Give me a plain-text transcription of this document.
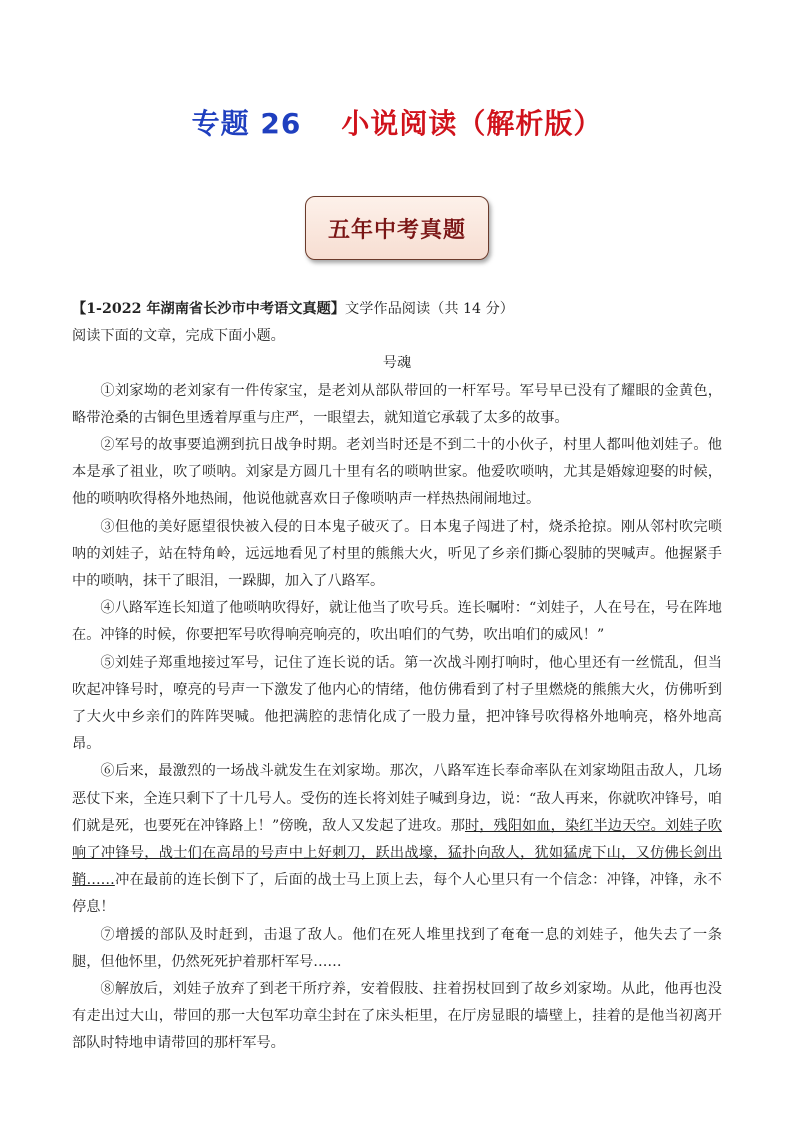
专题 26 小说阅读（解析版）
五年中考真题

【1-2022 年湖南省长沙市中考语文真题】文学作品阅读（共 14 分）

阅读下面的文章，完成下面小题。

号魂

①刘家坳的老刘家有一件传家宝，是老刘从部队带回的一杆军号。军号早已没有了耀眼的金黄色，略带沧桑的古铜色里透着厚重与庄严，一眼望去，就知道它承载了太多的故事。

②军号的故事要追溯到抗日战争时期。老刘当时还是不到二十的小伙子，村里人都叫他刘娃子。他本是承了祖业，吹了唢呐。刘家是方圆几十里有名的唢呐世家。他爱吹唢呐，尤其是婚嫁迎娶的时候，他的唢呐吹得格外地热闹，他说他就喜欢日子像唢呐声一样热热闹闹地过。

③但他的美好愿望很快被入侵的日本鬼子破灭了。日本鬼子闯进了村，烧杀抢掠。刚从邻村吹完唢呐的刘娃子，站在特角岭，远远地看见了村里的熊熊大火，听见了乡亲们撕心裂肺的哭喊声。他握紧手中的唢呐，抹干了眼泪，一跺脚，加入了八路军。

④八路军连长知道了他唢呐吹得好，就让他当了吹号兵。连长嘱咐：“刘娃子，人在号在，号在阵地在。冲锋的时候，你要把军号吹得响亮响亮的，吹出咱们的气势，吹出咱们的威风！”

⑤刘娃子郑重地接过军号，记住了连长说的话。第一次战斗刚打响时，他心里还有一丝慌乱，但当吹起冲锋号时，嘹亮的号声一下激发了他内心的情绪，他仿佛看到了村子里燃烧的熊熊大火，仿佛听到了大火中乡亲们的阵阵哭喊。他把满腔的悲情化成了一股力量，把冲锋号吹得格外地响亮，格外地高昂。

⑥后来，最激烈的一场战斗就发生在刘家坳。那次，八路军连长奉命率队在刘家坳阻击敌人，几场恶仗下来，全连只剩下了十几号人。受伤的连长将刘娃子喊到身边，说：“敌人再来，你就吹冲锋号，咱们就是死，也要死在冲锋路上！”傍晚，敌人又发起了进攻。那时，残阳如血，染红半边天空。刘娃子吹响了冲锋号，战士们在高昂的号声中上好刺刀，跃出战壕，猛扑向敌人，犹如猛虎下山，又仿佛长剑出鞘……冲在最前的连长倒下了，后面的战士马上顶上去，每个人心里只有一个信念：冲锋，冲锋，永不停息！

⑦增援的部队及时赶到，击退了敌人。他们在死人堆里找到了奄奄一息的刘娃子，他失去了一条腿，但他怀里，仍然死死护着那杆军号……

⑧解放后，刘娃子放弃了到老干所疗养，安着假肢、拄着拐杖回到了故乡刘家坳。从此，他再也没有走出过大山，带回的那一大包军功章尘封在了床头柜里，在厅房显眼的墙壁上，挂着的是他当初离开部队时特地申请带回的那杆军号。
